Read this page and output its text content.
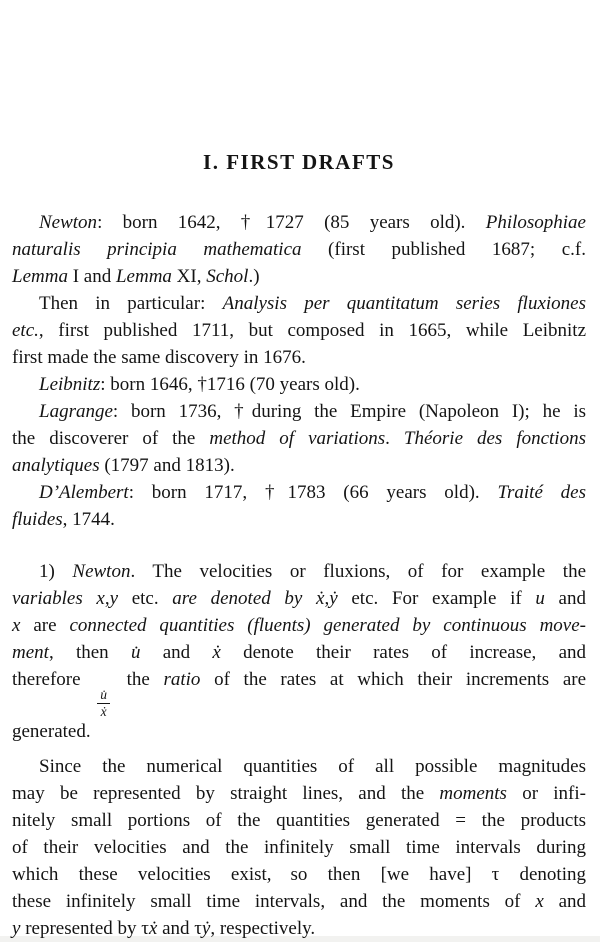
I. FIRST DRAFTS
Newton: born 1642, †1727 (85 years old). Philosophiae
naturalis principia mathematica (first published 1687; c.f.
Lemma I and Lemma XI, Schol.)
Then in particular: Analysis per quantitatum series fluxiones
etc., first published 1711, but composed in 1665, while Leibnitz
first made the same discovery in 1676.
Leibnitz: born 1646, †1716 (70 years old).
Lagrange: born 1736, †during the Empire (Napoleon I); he is
the discoverer of the method of variations. Théorie des fonctions
analytiques (1797 and 1813).
D’Alembert: born 1717, †1783 (66 years old). Traité des
fluides, 1744.
1) Newton. The velocities or fluxions, of for example the
variables x,y etc. are denoted by ẋ,ẏ etc. For example if u and
x are connected quantities (fluents) generated by continuous move-
ment, then u̇ and ẋ denote their rates of increase, and
therefore
$\frac{u̇}{\text{ẋ}}$
the ratio of the rates at which their increments are
generated.
Since the numerical quantities of all possible magnitudes
may be represented by straight lines, and the moments or infi-
nitely small portions of the quantities generated = the products
of their velocities and the infinitely small time intervals during
which these velocities exist,  so then [we have] τ denoting
these infinitely small time intervals, and the moments of x and
y represented by τẋ and τẏ, respectively.
